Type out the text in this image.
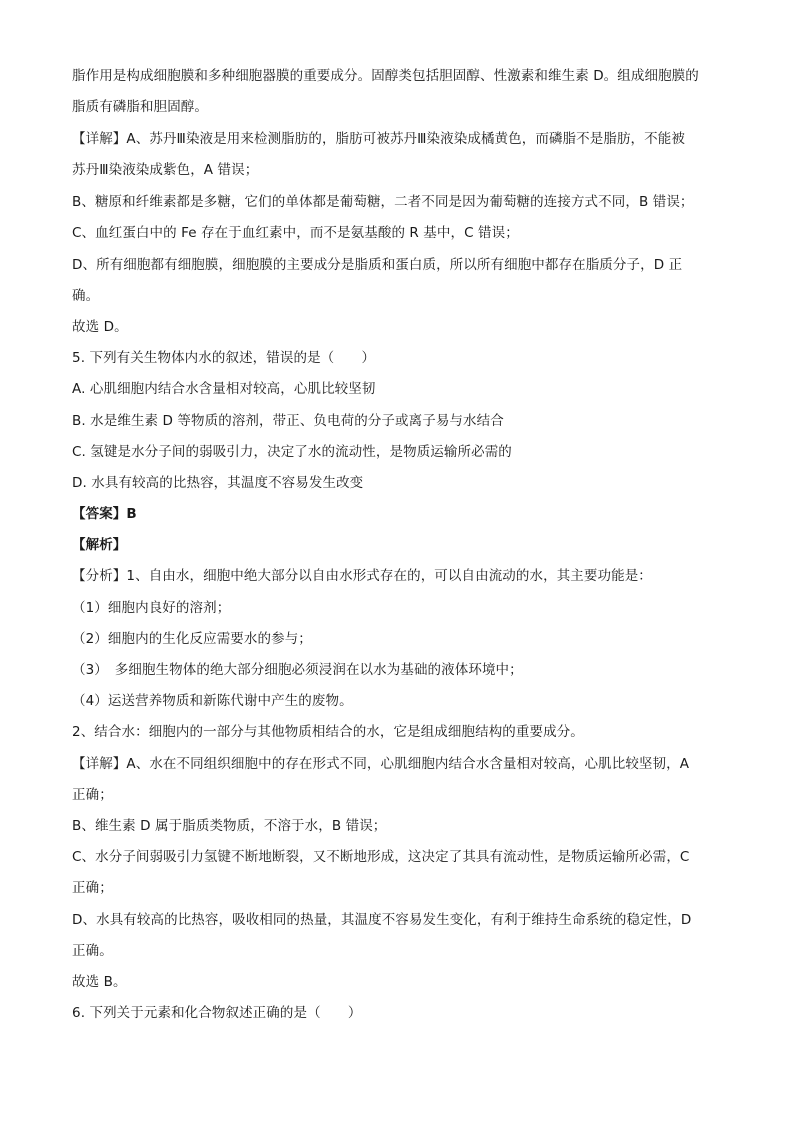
脂作用是构成细胞膜和多种细胞器膜的重要成分。固醇类包括胆固醇、性激素和维生素 D。组成细胞膜的
脂质有磷脂和胆固醇。
【详解】A、苏丹Ⅲ染液是用来检测脂肪的，脂肪可被苏丹Ⅲ染液染成橘黄色，而磷脂不是脂肪，不能被
苏丹Ⅲ染液染成紫色，A 错误；
B、糖原和纤维素都是多糖，它们的单体都是葡萄糖，二者不同是因为葡萄糖的连接方式不同，B 错误；
C、血红蛋白中的 Fe 存在于血红素中，而不是氨基酸的 R 基中，C 错误；
D、所有细胞都有细胞膜，细胞膜的主要成分是脂质和蛋白质，所以所有细胞中都存在脂质分子，D 正
确。
故选 D。
5. 下列有关生物体内水的叙述，错误的是（　　）
A. 心肌细胞内结合水含量相对较高，心肌比较坚韧
B. 水是维生素 D 等物质的溶剂，带正、负电荷的分子或离子易与水结合
C. 氢键是水分子间的弱吸引力，决定了水的流动性，是物质运输所必需的
D. 水具有较高的比热容，其温度不容易发生改变
【答案】B
【解析】
【分析】1、自由水，细胞中绝大部分以自由水形式存在的，可以自由流动的水，其主要功能是：
（1）细胞内良好的溶剂；
（2）细胞内的生化反应需要水的参与；
（3）　多细胞生物体的绝大部分细胞必须浸润在以水为基础的液体环境中；
（4）运送营养物质和新陈代谢中产生的废物。
2、结合水：细胞内的一部分与其他物质相结合的水，它是组成细胞结构的重要成分。
【详解】A、水在不同组织细胞中的存在形式不同，心肌细胞内结合水含量相对较高，心肌比较坚韧，A
正确；
B、维生素 D 属于脂质类物质，不溶于水，B 错误；
C、水分子间弱吸引力氢键不断地断裂，又不断地形成，这决定了其具有流动性，是物质运输所必需，C
正确；
D、水具有较高的比热容，吸收相同的热量，其温度不容易发生变化，有利于维持生命系统的稳定性，D
正确。
故选 B。
6. 下列关于元素和化合物叙述正确的是（　　）
